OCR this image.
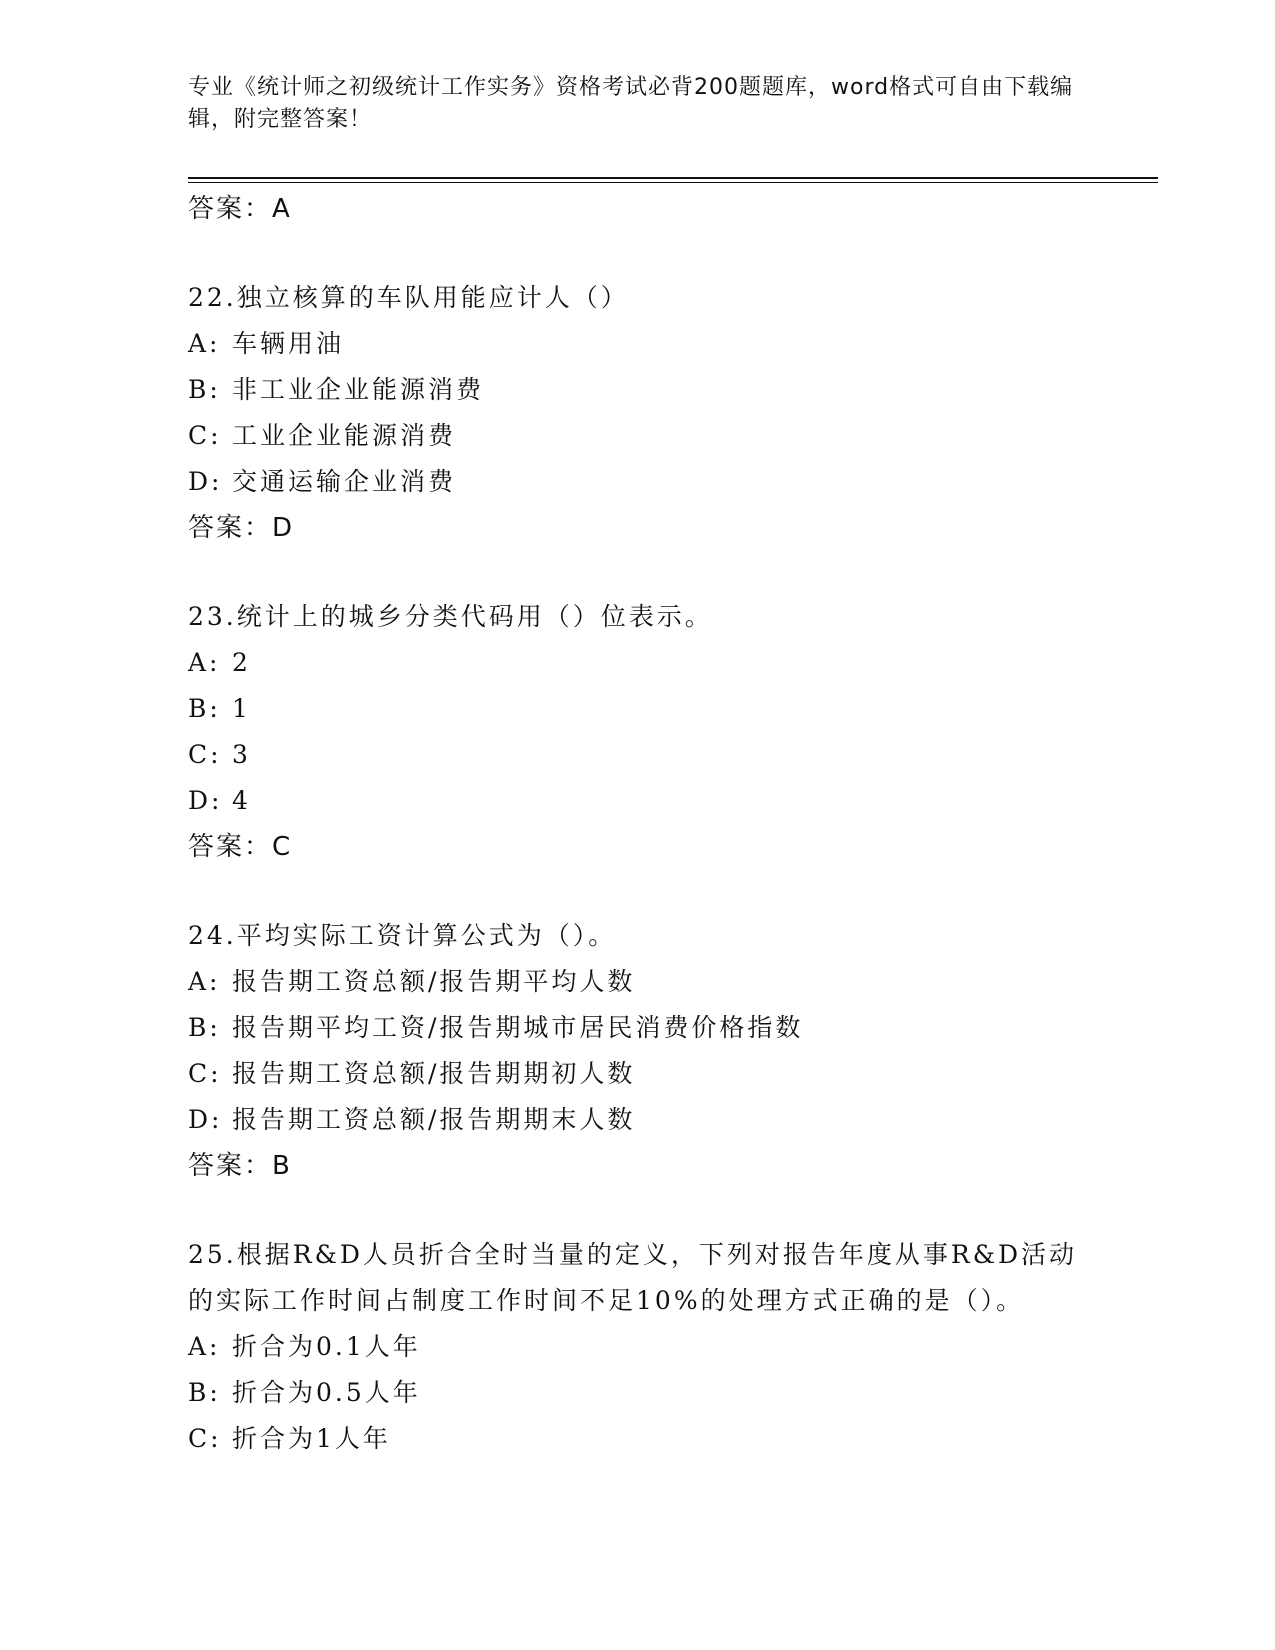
专业《统计师之初级统计工作实务》资格考试必背200题题库，word格式可自由下载编辑，附完整答案！
答案：A
22.独立核算的车队用能应计人（）
A: 车辆用油
B: 非工业企业能源消费
C: 工业企业能源消费
D: 交通运输企业消费
答案：D
23.统计上的城乡分类代码用（）位表示。
A: 2
B: 1
C: 3
D: 4
答案：C
24.平均实际工资计算公式为（）。
A: 报告期工资总额/报告期平均人数
B: 报告期平均工资/报告期城市居民消费价格指数
C: 报告期工资总额/报告期期初人数
D: 报告期工资总额/报告期期末人数
答案：B
25.根据R&D人员折合全时当量的定义，下列对报告年度从事R&D活动的实际工作时间占制度工作时间不足10%的处理方式正确的是（）。
A: 折合为0.1人年
B: 折合为0.5人年
C: 折合为1人年
